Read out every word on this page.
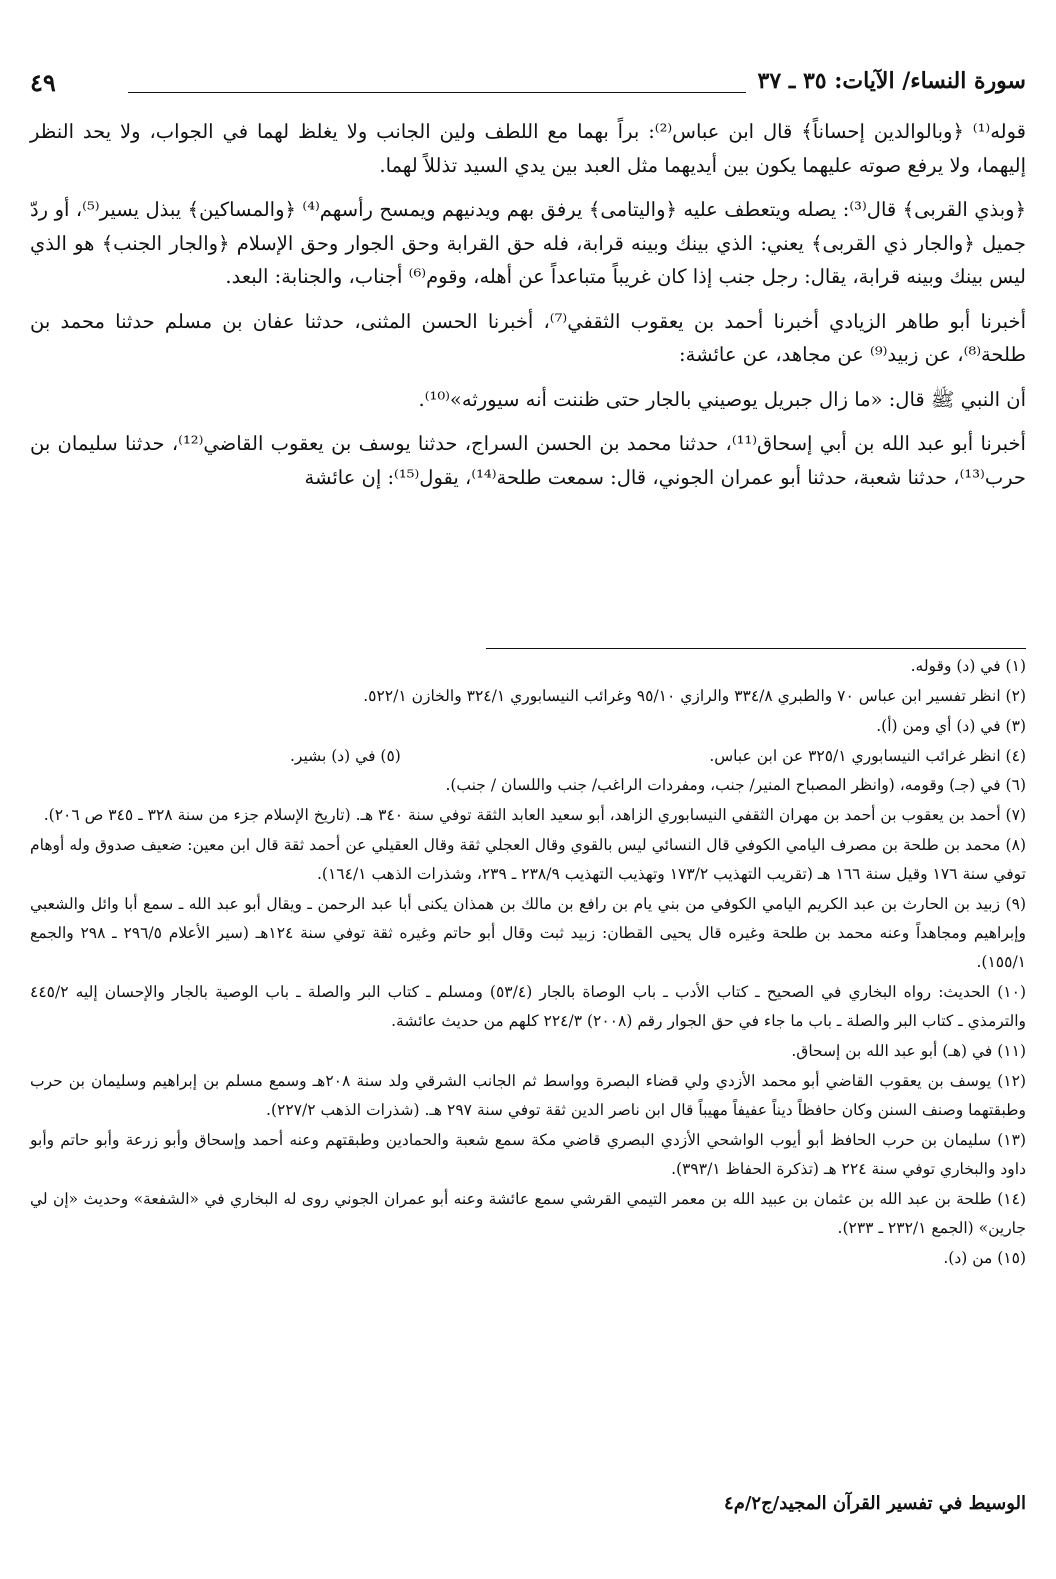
سورة النساء/ الآيات: ٣٥ ـ ٣٧
٤٩

قوله⁽¹⁾ ﴿وبالوالدين إحساناً﴾ قال ابن عباس⁽²⁾: براً بهما مع اللطف ولين الجانب ولا يغلظ لهما في الجواب، ولا يحد النظر إليهما، ولا يرفع صوته عليهما يكون بين أيديهما مثل العبد بين يدي السيد تذللاً لهما.

﴿وبذي القربى﴾ قال⁽³⁾: يصله ويتعطف عليه ﴿واليتامى﴾ يرفق بهم ويدنيهم ويمسح رأسهم⁽⁴⁾ ﴿والمساكين﴾ يبذل يسير⁽⁵⁾، أو ردّ جميل ﴿والجار ذي القربى﴾ يعني: الذي بينك وبينه قرابة، فله حق القرابة وحق الجوار وحق الإسلام ﴿والجار الجنب﴾ هو الذي ليس بينك وبينه قرابة، يقال: رجل جنب إذا كان غريباً متباعداً عن أهله، وقوم⁽⁶⁾ أجناب، والجنابة: البعد.

أخبرنا أبو طاهر الزيادي أخبرنا أحمد بن يعقوب الثقفي⁽⁷⁾، أخبرنا الحسن المثنى، حدثنا عفان بن مسلم حدثنا محمد بن طلحة⁽⁸⁾، عن زبيد⁽⁹⁾ عن مجاهد، عن عائشة:

أن النبي ﷺ قال: «ما زال جبريل يوصيني بالجار حتى ظننت أنه سيورثه»⁽¹⁰⁾.

أخبرنا أبو عبد الله بن أبي إسحاق⁽¹¹⁾، حدثنا محمد بن الحسن السراج، حدثنا يوسف بن يعقوب القاضي⁽¹²⁾، حدثنا سليمان بن حرب⁽¹³⁾، حدثنا شعبة، حدثنا أبو عمران الجوني، قال: سمعت طلحة⁽¹⁴⁾، يقول⁽¹⁵⁾: إن عائشة

(١) في (د) وقوله.
(٢) انظر تفسير ابن عباس ٧٠ والطبري ٣٣٤/٨ والرازي ٩٥/١٠ وغرائب النيسابوري ٣٢٤/١ والخازن ٥٢٢/١.
(٣) في (د) أي ومن (أ).
(٤) انظر غرائب النيسابوري ٣٢٥/١ عن ابن عباس.
(٥) في (د) بشير.
(٦) في (جـ) وقومه، (وانظر المصباح المنير/ جنب، ومفردات الراغب/ جنب واللسان / جنب).
(٧) أحمد بن يعقوب بن أحمد بن مهران الثقفي النيسابوري الزاهد، أبو سعيد العابد الثقة توفي سنة ٣٤٠ هـ. (تاريخ الإسلام جزء من سنة ٣٢٨ ـ ٣٤٥ ص ٢٠٦).
(٨) محمد بن طلحة بن مصرف اليامي الكوفي قال النسائي ليس بالقوي وقال العجلي ثقة وقال العقيلي عن أحمد ثقة قال ابن معين: ضعيف صدوق وله أوهام توفي سنة ١٧٦ وقيل سنة ١٦٦ هـ (تقريب التهذيب ١٧٣/٢ وتهذيب التهذيب ٢٣٨/٩ ـ ٢٣٩، وشذرات الذهب ١٦٤/١).
(٩) زبيد بن الحارث بن عبد الكريم اليامي الكوفي من بني يام بن رافع بن مالك بن همذان يكنى أبا عبد الرحمن ـ ويقال أبو عبد الله ـ سمع أبا وائل والشعبي وإبراهيم ومجاهداً وعنه محمد بن طلحة وغيره قال يحيى القطان: زبيد ثبت وقال أبو حاتم وغيره ثقة توفي سنة ١٢٤هـ (سير الأعلام ٢٩٦/٥ ـ ٢٩٨ والجمع ١٥٥/١).
(١٠) الحديث: رواه البخاري في الصحيح ـ كتاب الأدب ـ باب الوصاة بالجار (٥٣/٤) ومسلم ـ كتاب البر والصلة ـ باب الوصية بالجار والإحسان إليه ٤٤٥/٢ والترمذي ـ كتاب البر والصلة ـ باب ما جاء في حق الجوار رقم (٢٠٠٨) ٢٢٤/٣ كلهم من حديث عائشة.
(١١) في (هـ) أبو عبد الله بن إسحاق.
(١٢) يوسف بن يعقوب القاضي أبو محمد الأزدي ولي قضاء البصرة وواسط ثم الجانب الشرقي ولد سنة ٢٠٨هـ وسمع مسلم بن إبراهيم وسليمان بن حرب وطبقتهما وصنف السنن وكان حافظاً ديناً عفيفاً مهيباً قال ابن ناصر الدين ثقة توفي سنة ٢٩٧ هـ. (شذرات الذهب ٢٢٧/٢).
(١٣) سليمان بن حرب الحافظ أبو أيوب الواشحي الأزدي البصري قاضي مكة سمع شعبة والحمادين وطبقتهم وعنه أحمد وإسحاق وأبو زرعة وأبو حاتم وأبو داود والبخاري توفي سنة ٢٢٤ هـ (تذكرة الحفاظ ٣٩٣/١).
(١٤) طلحة بن عبد الله بن عثمان بن عبيد الله بن معمر التيمي القرشي سمع عائشة وعنه أبو عمران الجوني روى له البخاري في «الشفعة» وحديث «إن لي جارين» (الجمع ٢٣٢/١ ـ ٢٣٣).
(١٥) من (د).
الوسيط في تفسير القرآن المجيد/ج٢/م٤
